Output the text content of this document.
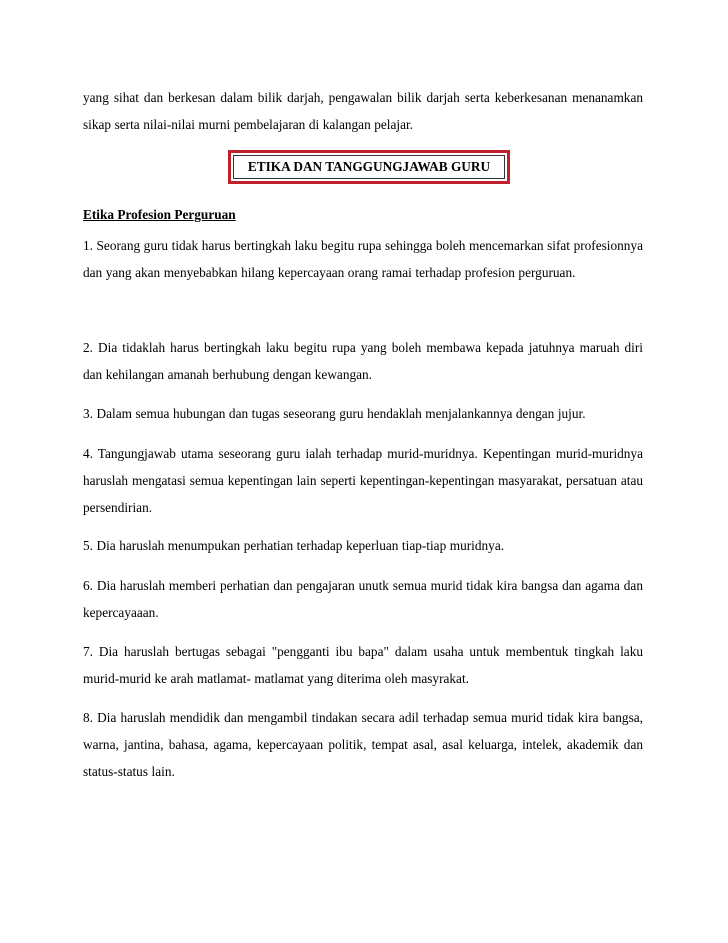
yang sihat dan berkesan dalam bilik darjah, pengawalan bilik darjah serta keberkesanan menanamkan sikap serta nilai-nilai murni pembelajaran di kalangan pelajar.

ETIKA DAN TANGGUNGJAWAB GURU

Etika Profesion Perguruan

1. Seorang guru tidak harus bertingkah laku begitu rupa sehingga boleh mencemarkan sifat profesionnya dan yang akan menyebabkan hilang kepercayaan orang ramai terhadap profesion perguruan.

2. Dia tidaklah harus bertingkah laku begitu rupa yang boleh membawa kepada jatuhnya maruah diri dan kehilangan amanah berhubung dengan kewangan.

3. Dalam semua hubungan dan tugas seseorang guru hendaklah menjalankannya dengan jujur.

4. Tangungjawab utama seseorang guru ialah terhadap murid-muridnya. Kepentingan murid-muridnya haruslah mengatasi semua kepentingan lain seperti kepentingan-kepentingan masyarakat, persatuan atau persendirian.

5. Dia haruslah menumpukan perhatian terhadap keperluan tiap-tiap muridnya.

6. Dia haruslah memberi perhatian dan pengajaran unutk semua murid tidak kira bangsa dan agama dan kepercayaaan.

7. Dia haruslah bertugas sebagai "pengganti ibu bapa" dalam usaha untuk membentuk tingkah laku murid-murid ke arah matlamat- matlamat yang diterima oleh masyrakat.

8. Dia haruslah mendidik dan mengambil tindakan secara adil terhadap semua murid tidak kira bangsa, warna, jantina, bahasa, agama, kepercayaan politik, tempat asal, asal keluarga, intelek, akademik dan status-status lain.
